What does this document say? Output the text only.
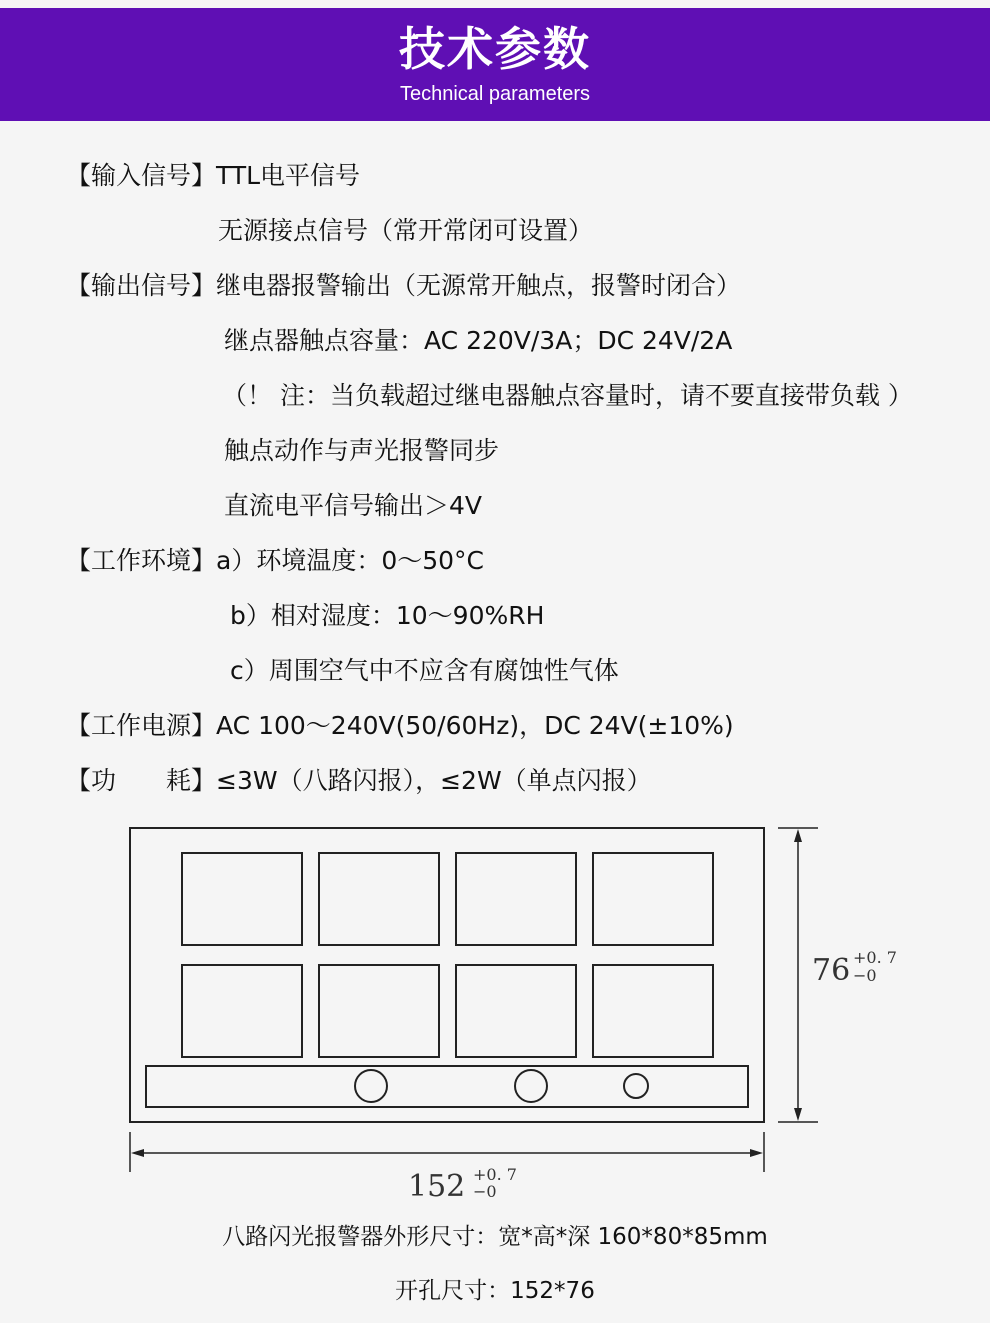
技术参数
Technical parameters
【输入信号】TTL电平信号
无源接点信号（常开常闭可设置）
【输出信号】继电器报警输出（无源常开触点，报警时闭合）
继点器触点容量：AC 220V/3A；DC 24V/2A
（！ 注：当负载超过继电器触点容量时，请不要直接带负载 ）
触点动作与声光报警同步
直流电平信号输出＞4V
【工作环境】a）环境温度：0～50°C
b）相对湿度：10～90%RH
c）周围空气中不应含有腐蚀性气体
【工作电源】AC 100～240V(50/60Hz)，DC 24V(±10%)
【功　　耗】≤3W（八路闪报），≤2W（单点闪报）
76 +0. 7
−0
152 +0. 7
−0
八路闪光报警器外形尺寸：宽*高*深 160*80*85mm
开孔尺寸：152*76
